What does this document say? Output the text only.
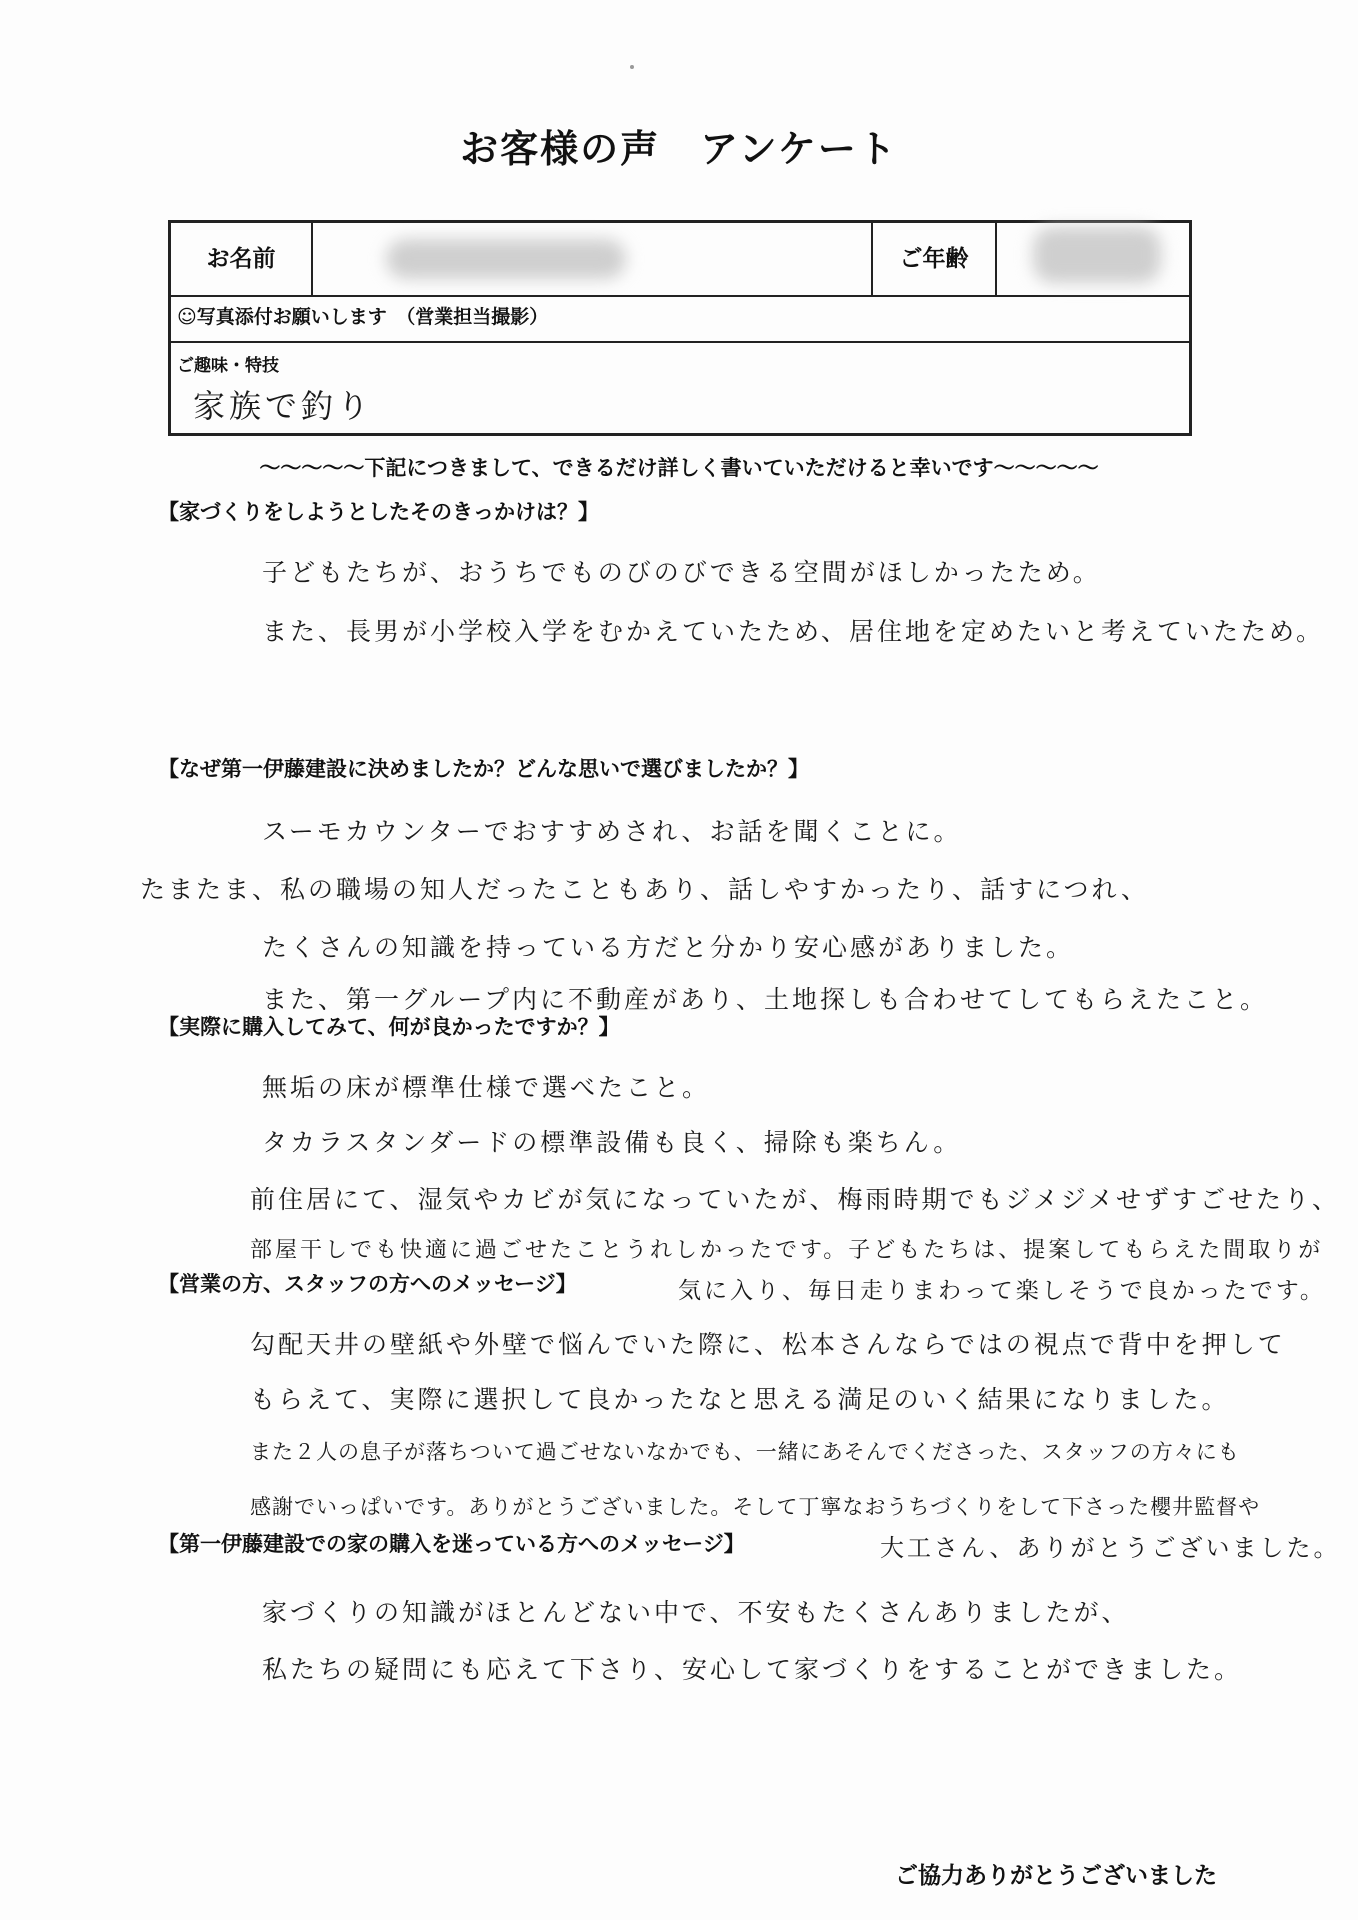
お客様の声　アンケート
お名前	ご年齢
☺写真添付お願いします　（営業担当撮影）
ご趣味・特技
家族で釣り
～～～～～下記につきまして、できるだけ詳しく書いていただけると幸いです～～～～～
【家づくりをしようとしたそのきっかけは？】
子どもたちが、おうちでものびのびできる空間がほしかったため。
また、長男が小学校入学をむかえていたため、居住地を定めたいと考えていたため。
【なぜ第一伊藤建設に決めましたか？どんな思いで選びましたか？】
スーモカウンターでおすすめされ、お話を聞くことに。
たまたま、私の職場の知人だったこともあり、話しやすかったり、話すにつれ、
たくさんの知識を持っている方だと分かり安心感がありました。
また、第一グループ内に不動産があり、土地探しも合わせてしてもらえたこと。
【実際に購入してみて、何が良かったですか？】
無垢の床が標準仕様で選べたこと。
タカラスタンダードの標準設備も良く、掃除も楽ちん。
前住居にて、湿気やカビが気になっていたが、梅雨時期でもジメジメせずすごせたり、
部屋干しでも快適に過ごせたことうれしかったです。子どもたちは、提案してもらえた間取りが
気に入り、毎日走りまわって楽しそうで良かったです。
【営業の方、スタッフの方へのメッセージ】
勾配天井の壁紙や外壁で悩んでいた際に、松本さんならではの視点で背中を押して
もらえて、実際に選択して良かったなと思える満足のいく結果になりました。
また２人の息子が落ちついて過ごせないなかでも、一緒にあそんでくださった、スタッフの方々にも
感謝でいっぱいです。ありがとうございました。そして丁寧なおうちづくりをして下さった櫻井監督や
大工さん、ありがとうございました。
【第一伊藤建設での家の購入を迷っている方へのメッセージ】
家づくりの知識がほとんどない中で、不安もたくさんありましたが、
私たちの疑問にも応えて下さり、安心して家づくりをすることができました。
ご協力ありがとうございました
